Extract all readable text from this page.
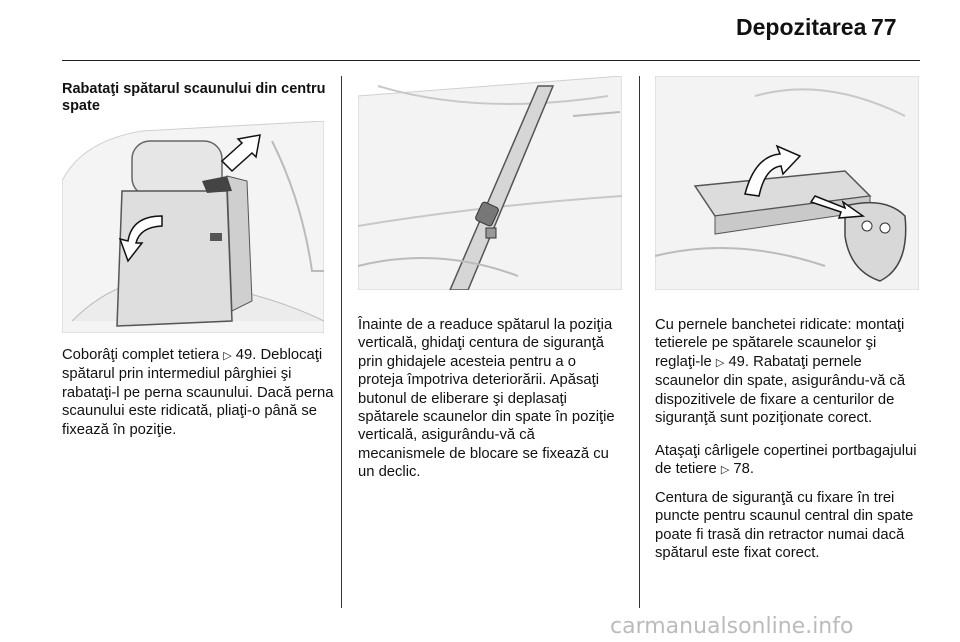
Depozitarea 77
Rabataţi spătarul scaunului din centru spate

Coborâţi complet tetiera ▷ 49. Deblocaţi spătarul prin intermediul pârghiei şi rabataţi-l pe perna scaunului. Dacă perna scaunului este ridicată, pliaţi-o până se fixează în poziţie.

Înainte de a readuce spătarul la poziţia verticală, ghidaţi centura de siguranţă prin ghidajele acesteia pentru a o proteja împotriva deteriorării. Apăsaţi butonul de eliberare şi deplasaţi spătarele scaunelor din spate în poziţie verticală, asigurându-vă că mecanismele de blocare se fixează cu un declic.

Cu pernele banchetei ridicate: montaţi tetierele pe spătarele scaunelor şi reglaţi-le ▷ 49. Rabataţi pernele scaunelor din spate, asigurându-vă că dispozitivele de fixare a centurilor de siguranţă sunt poziţionate corect.

Ataşaţi cârligele copertinei portbagajului de tetiere ▷ 78.

Centura de siguranţă cu fixare în trei puncte pentru scaunul central din spate poate fi trasă din retractor numai dacă spătarul este fixat corect.

carmanualsonline.info
